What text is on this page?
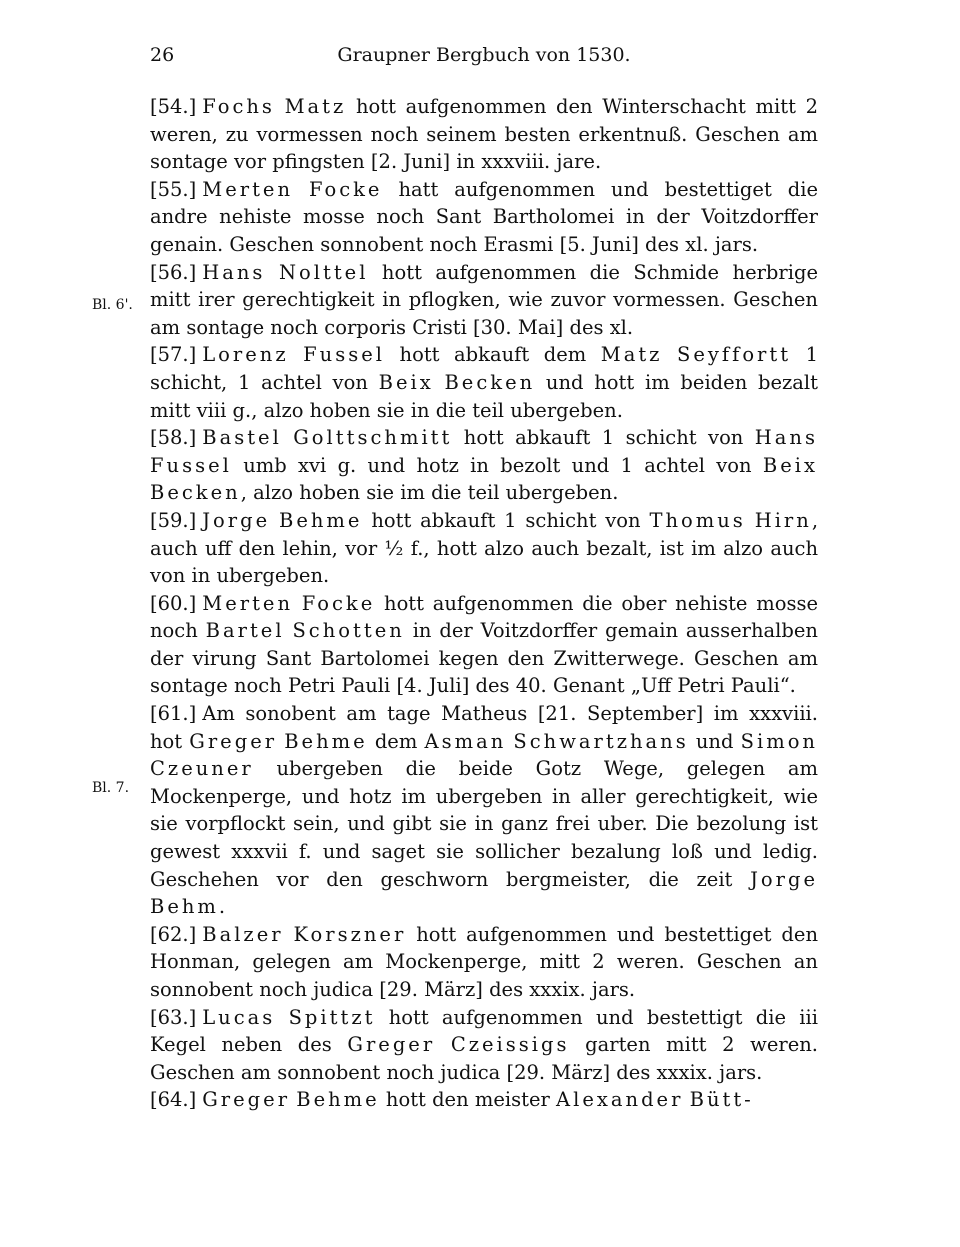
26	Graupner Bergbuch von 1530.
Bl. 6'.
Bl. 7.

[54.] Fochs Matz hott aufgenommen den Winterschacht mitt 2 weren, zu vormessen noch seinem besten erkentnuß. Geschen am sontage vor pfingsten [2. Juni] in xxxviii. jare.

[55.] Merten Focke hatt aufgenommen und bestettiget die andre nehiste mosse noch Sant Bartholomei in der Voitzdorffer genain. Geschen sonnobent noch Erasmi [5. Juni] des xl. jars.

[56.] Hans Nolttel hott aufgenommen die Schmide herbrige mitt irer gerechtigkeit in pflogken, wie zuvor vormessen. Geschen am sontage noch corporis Cristi [30. Mai] des xl.

[57.] Lorenz Fussel hott abkauft dem Matz Seyffortt 1 schicht, 1 achtel von Beix Becken und hott im beiden bezalt mitt viii g., alzo hoben sie in die teil ubergeben.

[58.] Bastel Golttschmitt hott abkauft 1 schicht von Hans Fussel umb xvi g. und hotz in bezolt und 1 achtel von Beix Becken, alzo hoben sie im die teil ubergeben.

[59.] Jorge Behme hott abkauft 1 schicht von Thomus Hirn, auch uff den lehin, vor ½ f., hott alzo auch bezalt, ist im alzo auch von in ubergeben.

[60.] Merten Focke hott aufgenommen die ober nehiste mosse noch Bartel Schotten in der Voitzdorffer gemain ausserhalben der virung Sant Bartolomei kegen den Zwitterwege. Geschen am sontage noch Petri Pauli [4. Juli] des 40. Genant „Uff Petri Pauli“.

[61.] Am sonobent am tage Matheus [21. September] im xxxviii. hot Greger Behme dem Asman Schwartzhans und Simon Czeuner ubergeben die beide Gotz Wege, gelegen am Mockenperge, und hotz im ubergeben in aller gerechtigkeit, wie sie vorpflockt sein, und gibt sie in ganz frei uber. Die bezolung ist gewest xxxvii f. und saget sie sollicher bezalung loß und ledig. Geschehen vor den geschworn bergmeister, die zeit Jorge Behm.

[62.] Balzer Korszner hott aufgenommen und bestettiget den Honman, gelegen am Mockenperge, mitt 2 weren. Geschen an sonnobent noch judica [29. März] des xxxix. jars.

[63.] Lucas Spittzt hott aufgenommen und bestettigt die iii Kegel neben des Greger Czeissigs garten mitt 2 weren. Geschen am sonnobent noch judica [29. März] des xxxix. jars.

[64.] Greger Behme hott den meister Alexander Bütt-
